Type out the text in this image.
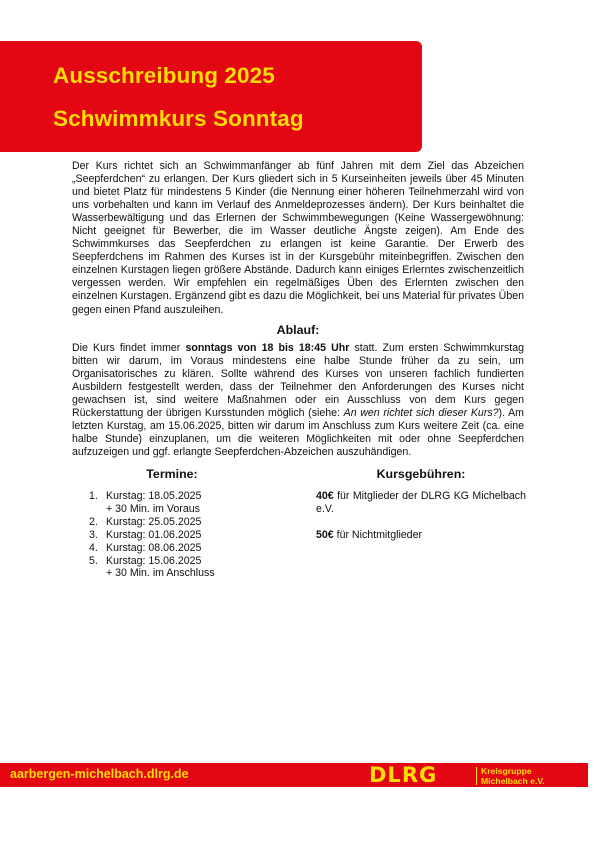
Ausschreibung 2025
Schwimmkurs Sonntag

Der Kurs richtet sich an Schwimmanfänger ab fünf Jahren mit dem Ziel das Abzeichen „Seepferdchen“ zu erlangen. Der Kurs gliedert sich in 5 Kurseinheiten jeweils über 45 Minuten und bietet Platz für mindestens 5 Kinder (die Nennung einer höheren Teilnehmerzahl wird von uns vorbehalten und kann im Verlauf des Anmeldeprozesses ändern). Der Kurs beinhaltet die Wasserbewältigung und das Erlernen der Schwimmbewegungen (Keine Wassergewöhnung: Nicht geeignet für Bewerber, die im Wasser deutliche Ängste zeigen). Am Ende des Schwimmkurses das Seepferdchen zu erlangen ist keine Garantie. Der Erwerb des Seepferdchens im Rahmen des Kurses ist in der Kursgebühr miteinbegriffen. Zwischen den einzelnen Kurstagen liegen größere Abstände. Dadurch kann einiges Erlerntes zwischenzeitlich vergessen werden. Wir empfehlen ein regelmäßiges Üben des Erlernten zwischen den einzelnen Kurstagen. Ergänzend gibt es dazu die Möglichkeit, bei uns Material für privates Üben gegen einen Pfand auszuleihen.

Ablauf:

Die Kurs findet immer sonntags von 18 bis 18:45 Uhr statt. Zum ersten Schwimmkurstag bitten wir darum, im Voraus mindestens eine halbe Stunde früher da zu sein, um Organisatorisches zu klären. Sollte während des Kurses von unseren fachlich fundierten Ausbildern festgestellt werden, dass der Teilnehmer den Anforderungen des Kurses nicht gewachsen ist, sind weitere Maßnahmen oder ein Ausschluss von dem Kurs gegen Rückerstattung der übrigen Kursstunden möglich (siehe: An wen richtet sich dieser Kurs?). Am letzten Kurstag, am 15.06.2025, bitten wir darum im Anschluss zum Kurs weitere Zeit (ca. eine halbe Stunde) einzuplanen, um die weiteren Möglichkeiten mit oder ohne Seepferdchen aufzuzeigen und ggf. erlangte Seepferdchen-Abzeichen auszuhändigen.

Termine:
1. Kurstag: 18.05.2025
+ 30 Min. im Voraus
2. Kurstag: 25.05.2025
3. Kurstag: 01.06.2025
4. Kurstag: 08.06.2025
5. Kurstag: 15.06.2025
+ 30 Min. im Anschluss
Kursgebühren:

40€ für Mitglieder der DLRG KG Michelbach e.V.

50€ für Nichtmitglieder

aarbergen-michelbach.dlrg.de	DLRG	Kreisgruppe
Michelbach e.V.
